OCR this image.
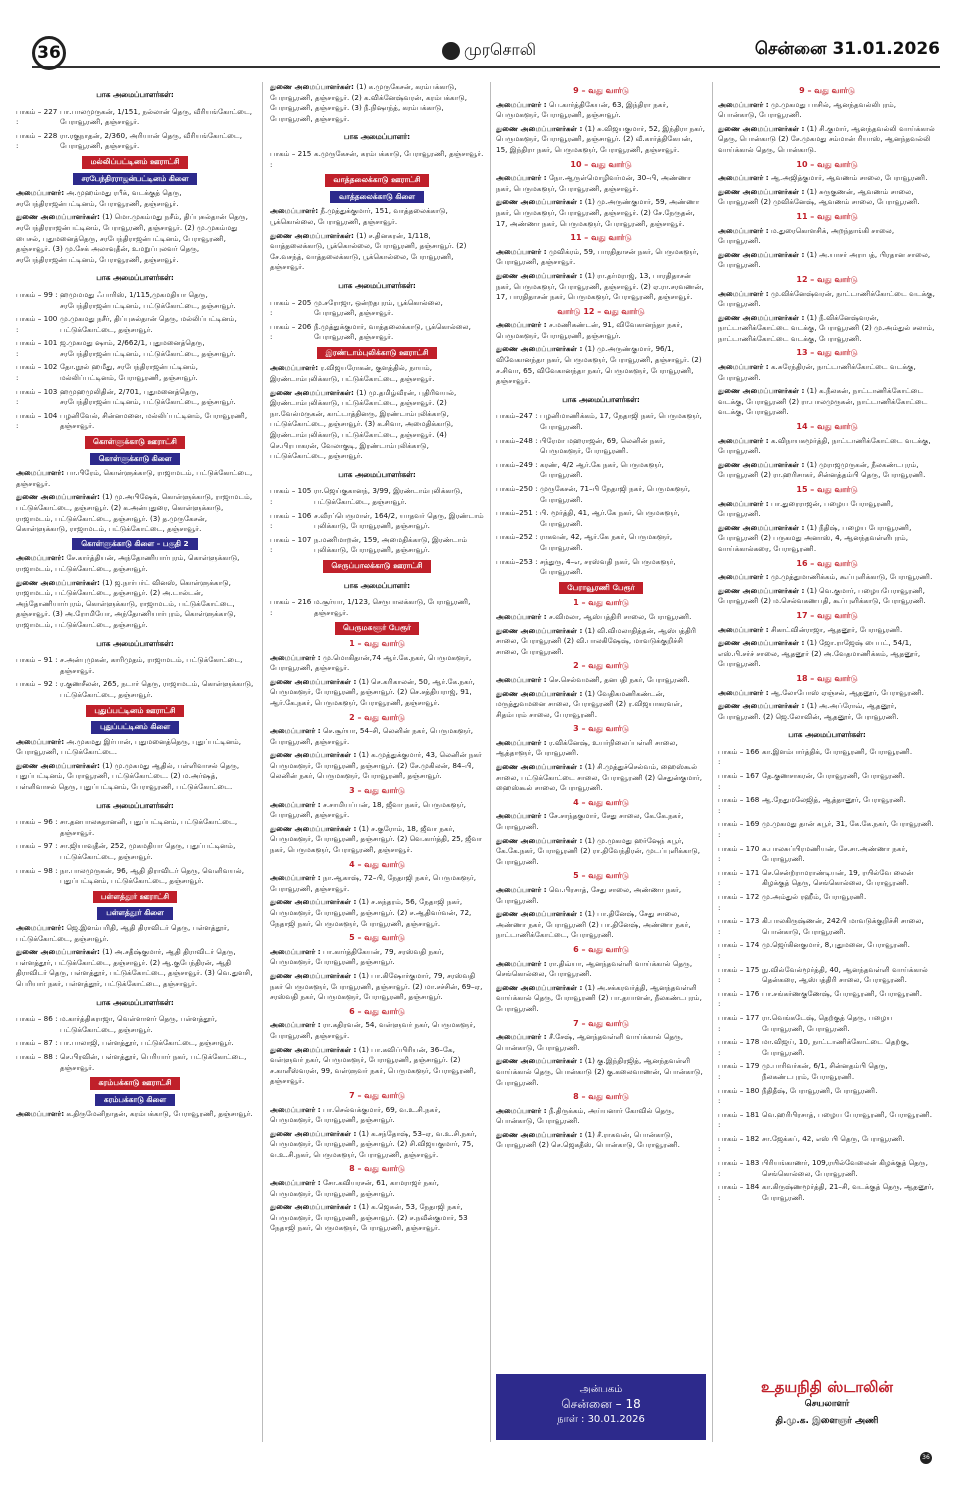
36	முரசொலி	சென்னை 31.01.2026
பாக அமைப்பாளர்கள்:
பாகம் – 227 :
பா.பாலமுருகன், 1/151, நல்லான் தெரு, வீரியங்கோட்டை, பேராவூரணி, தஞ்சாவூர்.
பாகம் – 228 :
ரா.ரகுநாதன், 2/360, அரியான் தெரு, வீரியங்கோட்டை, பேராவூரணி, தஞ்சாவூர்.
மல்லிப்பட்டினம் ஊராட்சி
சரபேந்திரராஜன்பட்டினம் கிளை
அமைப்பாளர்: அ.முஹம்மது ரபீக், வடக்குத் தெரு, சரபேந்திராஜன்பட்டினம், பேராவூரணி, தஞ்சாவூர்.
துணை அமைப்பாளர்கள்: (1) மொ.முகம்மது நசீம், திப்புசுல்தான் தெரு, சரபேந்திரராஜன்பட்டினம், பேராவூரணி, தஞ்சாவூர். (2) மு.முகம்மது பைசல், புதுமனைத்தெரு, சரபேந்திராஜன்பட்டினம், பேராவூரணி, தஞ்சாவூர். (3) மு.சேக் அலாவுதீன், உமறுப்புலவர் தெரு, சரபேந்திராஜன்பட்டினம், பேராவூரணி, தஞ்சாவூர்.
பாக அமைப்பாளர்கள்:
பாகம் – 99 : ஹமுமமது ஃபாரிஸ், 1/115,முகமதியா தெரு, சரபேந்திராஜன்பட்டினம், பட்டுக்கோட்டை, தஞ்சாவூர்.
பாகம் – 100 :
மு.முகமது நசீர், திப்புசுல்தான் தெரு, மல்லிப்பட்டினம், பட்டுக்கோட்டை, தஞ்சாவூர்.
பாகம் – 101 :
ஜ.முகமது ஷாம், 2/662/1, புதுமனைத்தெரு, சரபேந்திராஜன்பட்டினம், பட்டுக்கோட்டை, தஞ்சாவூர்.
பாகம் – 102 :
தோ.நூல் ஹமீது, சரபேந்திராஜன்பட்டினம், மல்லிப்பட்டினம், பேராவூரணி, தஞ்சாவூர்.
பாகம் – 103 :
ஹமுஹமுலிதின், 2/701, புதுமனைத்தெரு, சரபேந்திராஜன்பட்டினம், பட்டுக்கோட்டை, தஞ்சாவூர்.
பாகம் – 104 :
பழனிவேல், சின்னமனை, மல்லிப்பட்டினம், பேராவூரணி, தஞ்சாவூர்.
கொள்ளுக்காடு ஊராட்சி
கொள்ளுக்காடு கிளை
அமைப்பாளர்: பா.பிரேம், கொள்ளுக்காடு, ராஜாமடம், பட்டுக்கோட்டை, தஞ்சாவூர்.
துணை அமைப்பாளர்கள்: (1) மு.அபிஷேக், கொள்ளுக்காடு, ராஜாமடம், பட்டுக்கோட்டை, தஞ்சாவூர். (2) க.அன்புதுரை, கொள்ளுக்காடு, ராஜாமடம், பட்டுக்கோட்டை, தஞ்சாவூர். (3) த.முருகேசன், கொள்ளுக்காடு, ராஜாமடம், பட்டுக்கோட்டை, தஞ்சாவூர்.
கொள்ளுக்காடு கிளை – பகுதி 2
அமைப்பாளர்: சே.கார்த்தியன், அந்தோணியார்புரம், கொள்ளுக்காடு, ராஜாமடம், பட்டுக்கோட்டை, தஞ்சாவூர்.
துணை அமைப்பாளர்கள்: (1) ஜ.நார்பர்ட் வினஸ், கொள்ளுக்காடு, ராஜாமடம், பட்டுக்கோட்டை, தஞ்சாவூர். (2) அ.டால்டன், அந்தோணியார்புரம், கொள்ளுக்காடு, ராஜாமடம், பட்டுக்கோட்டை, தஞ்சாவூர். (3) அ.ரோமியோ, அந்தோணியார்புரம், கொள்ளுக்காடு, ராஜாமடம், பட்டுக்கோட்டை, தஞ்சாவூர்.
பாக அமைப்பாளர்கள்:
பாகம் – 91 : ச.அன்புமுகன், காரிமுதம், ராஜாமடம், பட்டுக்கோட்டை, தஞ்சாவூர்.
பாகம் – 92 : ர.குணசீலன், 265, நடார் தெரு, ராஜாமடம், கொள்ளுக்காடு, பட்டுக்கோட்டை, தஞ்சாவூர்.
புதுப்பட்டினம் ஊராட்சி
புதுப்பட்டினம் கிளை
அமைப்பாளர்: அ.முகமது இர்பான், புதுமனைத்தெரு, புதுப்பட்டினம், பேராவூரணி, பட்டுக்கோட்டை.
துணை அமைப்பாளர்கள்: (1) மு.முகமது ஆதில், பள்ளிவாசல் தெரு, புதுப்பட்டினம், பேராவூரணி, பட்டுக்கோட்டை. (2) ம.அர்ஷத், பள்ளிவாசல் தெரு, புதுப்பட்டினம், பேராவூரணி, பட்டுக்கோட்டை.
பாக அமைப்பாளர்கள்:
பாகம் – 96 : சா.தனபாலசுதானனி, புதுப்பட்டினம், பட்டுக்கோட்டை, தஞ்சாவூர்.
பாகம் – 97 : சா.ஜியாவுதீன், 252, முகமதியா தெரு, புதுப்பட்டினம், பட்டுக்கோட்டை, தஞ்சாவூர்.
பாகம் – 98 : நா.பாலமுருகன், 96, ஆதி திராவிடர் தெரு, வெளிவயல், புதுப்பட்டினம், பட்டுக்கோட்டை, தஞ்சாவூர்.
பள்ளத்தூர் ஊராட்சி
பள்ளத்தூர் கிளை
அமைப்பாளர்: ஜெ.இளம்பரிதி, ஆதி திராவிடர் தெரு, பள்ளத்தூர், பட்டுக்கோட்டை, தஞ்சாவூர்.
துணை அமைப்பாளர்கள்: (1) அ.சதீஷ்குமார், ஆதி திராவிடர் தெரு, பள்ளத்தூர், பட்டுக்கோட்டை, தஞ்சாவூர். (2) ஆ.குபேந்திரன், ஆதி திராவிடர் தெரு, பள்ளத்தூர், பட்டுக்கோட்டை, தஞ்சாவூர். (3) வெ.துளசி, பெரியார் நகர், பள்ளத்தூர், பட்டுக்கோட்டை, தஞ்சாவூர்.
பாக அமைப்பாளர்கள்:
பாகம் – 86 : ம.கார்த்திகராஜா, வெள்ளாளர் தெரு, பள்ளத்தூர், பட்டுக்கோட்டை, தஞ்சாவூர்.
பாகம் – 87 : பா.பாலாஜி, பள்ளத்தூர், பட்டுக்கோட்டை, தஞ்சாவூர்.
பாகம் – 88 : செ.பிரவின், பள்ளத்தூர், பெரியார் நகர், பட்டுக்கோட்டை, தஞ்சாவூர்.
கரம்பக்காடு ஊராட்சி
கரம்பக்காடு கிளை
அமைப்பாளர்: க.திருமேனிநாதன், கரம்பக்காடு, பேராவூரணி, தஞ்சாவூர்.
துணை அமைப்பாளர்கள்: (1) க.முருகேசன், கரம்பக்காடு, பேராவூரணி, தஞ்சாவூர். (2) க.விக்னேஷ்வரன், கரம்பக்காடு, பேராவூரணி, தஞ்சாவூர். (3) நீ.நிஷாந்த், கரம்பக்காடு, பேராவூரணி, தஞ்சாவூர்.
பாக அமைப்பாளர்:
பாகம் – 215 :
க.முருகேசன், கரம்பக்காடு, பேராவூரணி, தஞ்சாவூர்.
வாத்தலைக்காடு ஊராட்சி
வாத்தலைக்காடு கிளை
அமைப்பாளர்: நீ.முத்துக்குமார், 151, வாத்தலைக்காடு, பூக்கொல்லை, பேராவூரணி, தஞ்சாவூர்.
துணை அமைப்பாளர்கள்: (1) ச.தினகரன், 1/118, வாத்தலைக்காடு, பூக்கொல்லை, பேராவூரணி, தஞ்சாவூர். (2) சே.வசந்த், வாத்தலைக்காடு, பூக்கொல்லை, பேராவூரணி, தஞ்சாவூர்.
பாக அமைப்பாளர்கள்:
பாகம் – 205 :
மு.சரோஜா, ஒன்றதபுரம், பூக்கொல்லை, பேராவூரணி, தஞ்சாவூர்.
பாகம் – 206 :
நீ.முத்துக்குமார், வாத்தலைக்காடு, பூக்கொல்லை, பேராவூரணி, தஞ்சாவூர்.
இரண்டாம்புலிக்காடு ஊராட்சி
அமைப்பாளர்: ர.விஜயரோகன், குளத்தில், நாயம், இரண்டாம்புலிக்காடு, பட்டுக்கோட்டை, தஞ்சாவூர்.
துணை அமைப்பாளர்கள்: (1) மு.தமிழ்வீரன், புதிரிவயல், இரண்டாம்புலிக்காடு, பட்டுக்கோட்டை, தஞ்சாவூர். (2) நா.வேல்மருகன், காட்டாத்தினரு, இரண்டாம்புலிக்காடு, பட்டுக்கோட்டை, தஞ்சாவூர். (3) க.சிவா, அமைதிக்காடு, இரண்டாம்புலிக்காடு, பட்டுக்கோட்டை, தஞ்சாவூர். (4) செ.பிரபாகரன், வேலாகுடி, இரண்டாம்புலிக்காடு, பட்டுக்கோட்டை, தஞ்சாவூர்.
பாக அமைப்பாளர்கள்:
பாகம் – 105 :
ரா.ஜெய்குகானந், 3/99, இரண்டாம்புலிக்காடு, பட்டுக்கோட்டை, தஞ்சாவூர்.
பாகம் – 106 :
ச.வீரப்பெருமாள், 164/2, யாதவர் தெரு, இரண்டாம் புலிக்காடு, பேராவூரணி, தஞ்சாவூர்.
பாகம் – 107 :
ந.மணிமாறன், 159, அமைதிக்காடு, இரண்டாம் புலிக்காடு, பேராவூரணி, தஞ்சாவூர்.
செருப்பாலக்காடு ஊராட்சி
பாக அமைப்பாளர்:
பாகம் – 216 :
ம.சூர்யா, 1/123, செருபாலக்காடு, பேராவூரணி, தஞ்சாவூர்.
பெருமகளூர் பேரூர்
1 – வது வார்டு
அமைப்பாளர் : மு.மொகிதான்,74 ஆர்.கே.நகர், பெருமகளூர், பேராவூரணி, தஞ்சாவூர்.
துணை அமைப்பாளர்கள் : (1) செ.கரிகாலன், 50, ஆர்.கே.நகர், பெருமகளூர், பேராவூரணி, தஞ்சாவூர். (2) செ.சத்தியராஜ், 91, ஆர்.கே.நகர், பெருமகளூர், பேராவூரணி, தஞ்சாவூர்.
2 – வது வார்டு
அமைப்பாளர் : செ.சூர்யா, 54–சி, லெனின் நகர், பெருமகளூர், பேராவூரணி, தஞ்சாவூர்.
துணை அமைப்பாளர்கள் : (1) க.முத்துக்குமார், 43, லெனின் நகர் பெருமகளூர், பேராவூரணி, தஞ்சாவூர். (2) சே.முகிலன், 84–பி, லெனின் நகர், பெருமகளூர், பேராவூரணி, தஞ்சாவூர்.
3 – வது வார்டு
அமைப்பாளர் : ச.சாமியப்பன், 18, ஜீவா நகர், பெருமகளூர், பேராவூரணி, தஞ்சாவூர்.
துணை அமைப்பாளர்கள் : (1) ச.குரோம், 18, ஜீவா நகர், பெருமகளூர், பேராவூரணி, தஞ்சாவூர். (2) வெ.கார்த்தி, 25, ஜீவா நகர், பெருமகளூர், பேராவூரணி, தஞ்சாவூர்.
4 – வது வார்டு
அமைப்பாளர் : நா.ஆகாஷ், 72–பி, நேதாஜி நகர், பெருமகளூர், பேராவூரணி, தஞ்சாவூர்.
துணை அமைப்பாளர்கள் : (1) ச.சுந்தரம், 56, நேதாஜி நகர், பெருமகளூர், பேராவூரணி, தஞ்சாவூர். (2) ச.ஆதிவர்வன், 72, நேதாஜி நகர், பெருமகளூர், பேராவூரணி, தஞ்சாவூர்.
5 – வது வார்டு
அமைப்பாளர் : பா.கார்த்திகேயன், 79, சரஸ்வதி நகர், பெருமகளூர், பேராவூரணி, தஞ்சாவூர்.
துணை அமைப்பாளர்கள் : (1) பா.கிஷோர்குமார், 79, சரஸ்வதி நகர் பெருமகளூர், பேராவூரணி, தஞ்சாவூர். (2) மா.சச்சின், 69–ஏ, சரஸ்வதி நகர், பெருமகளூர், பேராவூரணி, தஞ்சாவூர்.
6 – வது வார்டு
அமைப்பாளர் : ரா.கதிரவன், 54, வள்ளுவர் நகர், பெருமகளூர், பேராவூரணி, தஞ்சாவூர்.
துணை அமைப்பாளர்கள் : (1) பா.கவிப்பிரியன், 36–கே, வள்ளுவர் நகர், பெருமகளூர், பேராவூரணி, தஞ்சாவூர். (2) ச.காளீஸ்வரன், 99, வள்ளுவர் நகர், பெருமகளூர், பேராவூரணி, தஞ்சாவூர்.
7 – வது வார்டு
அமைப்பாளர் : பா.செல்வக்குமார், 69, வ.உ.சி.நகர், பெருமகளூர், பேராவூரணி, தஞ்சாவூர்.
துணை அமைப்பாளர்கள் : (1) க.சந்தோஷ், 53–ஏ, வ.உ.சி.நகர், பெருமகளூர், பேராவூரணி, தஞ்சாவூர். (2) சி.விஜயகுமார், 75, வ.உ.சி.நகர், பெருமகளூர், பேராவூரணி, தஞ்சாவூர்.
8 – வது வார்டு
அமைப்பாளர் : சோ.கவியரசன், 61, காமராஜர் நகர், பெருமகளூர், பேராவூரணி, தஞ்சாவூர்.
துணை அமைப்பாளர்கள் : (1) க.ஜெகன், 53, நேதாஜி நகர், பெருமகளூர், பேராவூரணி, தஞ்சாவூர். (2) ச.நவீன்குமார், 53 நேதாஜி நகர், பெருமகளூர், பேராவூரணி, தஞ்சாவூர்.
9 – வது வார்டு
அமைப்பாளர் : பெ.கார்த்திகேயன், 63, இந்திரா நகர், பெருமகளூர், பேராவூரணி, தஞ்சாவூர்.
துணை அமைப்பாளர்கள் : (1) சு.விஜயகுமார், 52, இந்திரா நகர், பெருமகளூர், பேராவூரணி, தஞ்சாவூர். (2) வீ.கார்த்திகேயன், 15, இந்திரா நகர், பெருமகளூர், பேராவூரணி, தஞ்சாவூர்.
10 – வது வார்டு
அமைப்பாளர் : நோ.ஆருள்மொழிவர்மன், 30–பி, அண்ணா நகர், பெருமகளூர், பேராவூரணி, தஞ்சாவூர்.
துணை அமைப்பாளர்கள் : (1) மு.அருண்குமார், 59, அண்ணா நகர், பெருமகளூர், பேராவூரணி, தஞ்சாவூர். (2) சே.நேருதன், 17, அண்ணா நகர், பெருமகளூர், பேராவூரணி, தஞ்சாவூர்.
11 – வது வார்டு
அமைப்பாளர் : முவிக்ரம், 59, பாரதிதாசன் நகர், பெருமகளூர், பேராவூரணி, தஞ்சாவூர்.
துணை அமைப்பாளர்கள் : (1) ரா.தர்மராஜ், 13, பாரதிதாசன் நகர், பெருமகளூர், பேராவூரணி, தஞ்சாவூர். (2) ஏ.ரா.சரவணன், 17, பாரதிதாசன் நகர், பெருமகளூர், பேராவூரணி, தஞ்சாவூர்.
வார்டு 12 – வது வார்டு
அமைப்பாளர் : ச.மணிகண்டன், 91, விவேகானந்தா நகர், பெருமகளூர், பேராவூரணி, தஞ்சாவூர்.
துணை அமைப்பாளர்கள் : (1) மு.அருண்குமார், 96/1, விவேகானந்தா நகர், பெருமகளூர், பேராவூரணி, தஞ்சாவூர். (2) ச.சிவா, 65, விவேகானந்தா நகர், பெருமகளூர், பேராவூரணி, தஞ்சாவூர்.
பாக அமைப்பாளர்கள்:
பாகம்–247 : பழனிமாணிக்கம், 17, நேதாஜி நகர், பெருமகளூர், பேராவூரணி.
பாகம்–248 : பிரேமா மஹராஜன், 69, லெனின் நகர், பெருமகளூர், பேராவூரணி.
பாகம்–249 : கரண், 4/2 ஆர்.கே நகர், பெருமகளூர், பேராவூரணி.
பாகம்–250 : முருகேசன், 71–பி நேதாஜி நகர், பெருமகளூர், பேராவூரணி.
பாகம்–251 : பி. மூர்த்தி, 41, ஆர்.கே நகர், பெருமகளூர், பேராவூரணி.
பாகம்–252 : ராகவன், 42, ஆர்.கே நகர், பெருமகளூர், பேராவூரணி.
பாகம்–253 : சந்துரு, 4–எ, சரஸ்வதி நகர், பெருமகளூர், பேராவூரணி.
பேராவூரணி பேரூர்
1 – வது வார்டு
அமைப்பாளர் : ச.விமலா, ஆஸ்பத்திரி சாலை, பேராவூரணி.
துணை அமைப்பாளர்கள் : (1) வி.விமலாதித்தன், ஆஸ்பத்திரி சாலை, பேராவூரணி (2) வி.பாலகிஷேஷ், மாவடுக்குறிச்சி சாலை, பேராவூரணி.
2 – வது வார்டு
அமைப்பாளர் : செ.செல்வமணி, தனபதி நகர், பேராவூரணி.
துணை அமைப்பாளர்கள் : (1) வேதிகமணிகண்டன், மருத்துவமனை சாலை, பேராவூரணி (2) ர.விஜயாகரவள், சிதம்பரம் சாலை, பேராவூரணி.
3 – வது வார்டு
அமைப்பாளர் : ர.விக்னேஷ், உயர்நிலைப்பள்ளி சாலை, ஆத்தாளூர், பேராவூரணி.
துணை அமைப்பாளர்கள் : (1) சி.முத்துச்செல்வம், ஹைஸ்கூல் சாலை, பட்டுக்கோட்டை சாலை, பேராவூரணி (2) செதுன்குமார், ஹைஸ்கூல் சாலை, பேராவூரணி.
4 – வது வார்டு
அமைப்பாளர் : சே.சாந்தகுமார், சேது சாலை, கே.கே.நகர், பேராவூரணி.
துணை அமைப்பாளர்கள் : (1) மு.முகமது ஹர்ஷேந் கபூர், கே.கே.நகர், பேராவூரணி (2) ரா.திவேந்திரன், முடப்புளிக்காடு, பேராவூரணி.
5 – வது வார்டு
அமைப்பாளர் : வெ.பிரசாத், சேது சாலை, அண்ணா நகர், பேராவூரணி.
துணை அமைப்பாளர்கள் : (1) பா.தினேஷ், சேது சாலை, அண்ணா நகர், பேராவூரணி (2) பா.தினேஷ், அண்ணா நகர், நாட்டாணிக்கோட்டை, பேராவூரணி.
6 – வது வார்டு
அமைப்பாளர் : ரா.திவ்யா, ஆனந்தவள்ளி வாய்க்கால் தெரு, செங்கொல்லை, பேராவூரணி.
துணை அமைப்பாளர்கள் : (1) அ.சக்கரவர்த்தி, ஆனந்தவள்ளி வாய்க்கால் தெரு, பேராவூரணி (2) பா.தயாளன், நீலகண்டபுரம், பேராவூரணி.
7 – வது வார்டு
அமைப்பாளர் : சீ.சேஷ், ஆனந்தவள்ளி வாய்க்கால் தெரு, பொன்காடு, பேராவூரணி.
துணை அமைப்பாளர்கள் : (1) கு.இந்திரஜித், ஆனந்தவள்ளி வாய்க்கால் தெரு, பொன்காடு (2) கு.கலைவாணன், பொன்காடு, பேராவூரணி.
8 – வது வார்டு
அமைப்பாளர் : நீ.திருக்கம், அய்யனார் கோவில் தெரு, பொன்காடு, பேராவூரணி.
துணை அமைப்பாளர்கள் : (1) சீ.ராகவன், பொன்காடு, பேராவூரணி (2) செ.ஜெகதீஸ், பொன்காடு, பேராவூரணி.
9 – வது வார்டு
அமைப்பாளர் : மு.முகமது பாசில், ஆனந்தவல்லிபுரம், பொன்காடு, பேராவூரணி.
துணை அமைப்பாளர்கள் : (1) சி.குமார், ஆனந்தவல்லி வாய்க்கால் தெரு, பொன்காடு (2) சே.முகமது சம்மான் ரியாஸ், ஆனந்தவல்லி வாய்க்கால் தெரு, பொன்காடு.
10 – வது வார்டு
அமைப்பாளர் : ஆ.அஜித்குமார், ஆவணம் சாலை, பேராவூரணி.
துணை அமைப்பாளர்கள் : (1) சுருகுணன், ஆவணம் சாலை, பேராவூரணி (2) முவிக்னேஷ், ஆவணம் சாலை, பேராவூரணி.
11 – வது வார்டு
அமைப்பாளர் : ம.துரைகொளசிக், அறந்தாங்கி சாலை, பேராவூரணி.
துணை அமைப்பாளர்கள் : (1) அ.யாசர் அராபத், பிரதான சாலை, பேராவூரணி.
12 – வது வார்டு
அமைப்பாளர் : மு.விக்னேஷ்வரன், நாட்டாணிக்கோட்டை வடக்கு, பேராவூரணி.
துணை அமைப்பாளர்கள் : (1) நீ.விக்னேஷ்வரன், நாட்டாணிக்கோட்டை வடக்கு, பேராவூரணி (2) மு.அம்துல் சலாம், நாட்டாணிக்கோட்டை வடக்கு, பேராவூரணி.
13 – வது வார்டு
அமைப்பாளர் : க.சுரேந்திரன், நாட்டாணிக்கோட்டை வடக்கு, பேராவூரணி.
துணை அமைப்பாளர்கள் : (1) க.நீலகன், நாட்டாணிக்கோட்டை வடக்கு, பேராவூரணி (2) ரா.பாலமுருகன், நாட்டாணிக்கோட்டை வடக்கு, பேராவூரணி.
14 – வது வார்டு
அமைப்பாளர் : க.விநாயகமூர்த்தி, நாட்டாணிக்கோட்டை வடக்கு, பேராவூரணி.
துணை அமைப்பாளர்கள் : (1) முராஜமுருகன், நீலகண்டபுரம், பேராவூரணி (2) ரா.ஹரிசாகர், சின்னத்தம்பி தெரு, பேராவூரணி.
15 – வது வார்டு
அமைப்பாளர் : பா.துரைராஜன், பழைய பேராவூரணி, பேராவூரணி.
துணை அமைப்பாளர்கள் : (1) நீதிஷ், பழைய பேராவூரணி, பேராவூரணி (2) பருகமது அனாஸ், 4, ஆனந்தவள்ளிபுரம், வாய்க்கால்கரை, பேராவூரணி.
16 – வது வார்டு
அமைப்பாளர் : மு.முத்துமாணிக்கம், கூப்புளிக்காடு, பேராவூரணி.
துணை அமைப்பாளர்கள் : (1) வெ.குமார், பழையபேராவூரணி, பேராவூரணி (2) ம.செல்வகணபதி, கூப்புளிக்காடு, பேராவூரணி.
17 – வது வார்டு
அமைப்பாளர் : சிகாட்வின்ராஜா, ஆதனூர், பேராவூரணி.
துணை அமைப்பாளர்கள் : (1) ஜோ.ராஜேஷ் பைபட், 54/1, எஸ்.பி.சர்ச் சாலை, ஆதனூர் (2) அ.வேதமாணிக்கம், ஆதனூர், பேராவூரணி.
18 – வது வார்டு
அமைப்பாளர் : ஆ.லோபோஸ் ஏஞ்சல், ஆதனூர், பேராவூரணி.
துணை அமைப்பாளர்கள் : (1) அ.அப்ரோவ், ஆதனூர், பேராவூரணி. (2) ஜெ.லோவின், ஆதனூர், பேராவூரணி.
பாக அமைப்பாளர்கள்:
பாகம் – 166 :
கா.இளம்பார்த்திக், பேராவூரணி, பேராவூரணி.
பாகம் – 167 :
தே.குணசாகரன், பேராவூரணி, பேராவூரணி.
பாகம் – 168 :
ஆ.நேதுமலேஜித், ஆத்தானூர், பேராவூரணி.
பாகம் – 169 :
மு.முகமது தான் கபூர், 31, கே.கே.நகர், பேராவூரணி.
பாகம் – 170 :
சு.பாலசுப்பிரமணியன், சே.சா.அண்ணா நகர், பேராவூரணி.
பாகம் – 171 :
செ.சென்ற்ராமராண்டியன், 19, ரயில்வே லைன் கிழக்குத் தெரு, செங்கொல்லை, பேராவூரணி.
பாகம் – 172 :
மு.அம்துல் ரஹீம், பேராவூரணி.
பாகம் – 173 :
கி.பாலகிருஷ்ணன், 242பி மாவடுக்குறிச்சி சாலை, பொன்காடு, பேராவூரணி.
பாகம் – 174 :
மு.ஜெர்கினகுமார், 8,புதுமனை, பேராவூரணி.
பாகம் – 175 :
நு.வில்வேல்மூர்த்தி, 40, ஆனந்தவள்ளி வாய்க்கால் தென்கரை, ஆஸ்பத்திரி சாலை, பேராவூரணி.
பாகம் – 176 :
பா.சங்கர்ணகுணேஷ், பேராவூரணி, பேராவூரணி.
பாகம் – 177 :
ரா.வெங்கடேஷ், தெற்குத் தெரு, பழைய பேராவூரணி, பேராவூரணி.
பாகம் – 178 :
மா.விஜய், 10, நாட்டாணிக்கோட்டை தெற்கு, பேராவூரணி.
பாகம் – 179 :
மு.பாரிவர்கன், 6/1, சின்னதம்பி தெரு, நீலகண்டபுரம், பேராவூரணி.
பாகம் – 180 :
நீதிதீஷ், பேராவூரணி, பேராவூரணி.
பாகம் – 181 :
வெ.ஹரிபிரசாத், பழைய பேராவூரணி, பேராவூரணி.
பாகம் – 182 :
சா.ஜேக்கப், 42, எஸ் பி தெரு, பேராவூரணி.
பாகம் – 183 :
பிரியங்காணர், 109,ரயில்வேலைன் கிழக்குத் தெரு, செங்கொல்லை, பேராவூரணி.
பாகம் – 184 :
கா.கிருஷ்ணமூர்த்தி, 21–சி, வடக்குத் தெரு, ஆதனூர், பேராவூரணி.
அன்பகம்
சென்னை – 18
நாள் : 30.01.2026
உதயநிதி ஸ்டாலின்
செயலாளர்
தி.மு.க. இளைஞர் அணி
36
